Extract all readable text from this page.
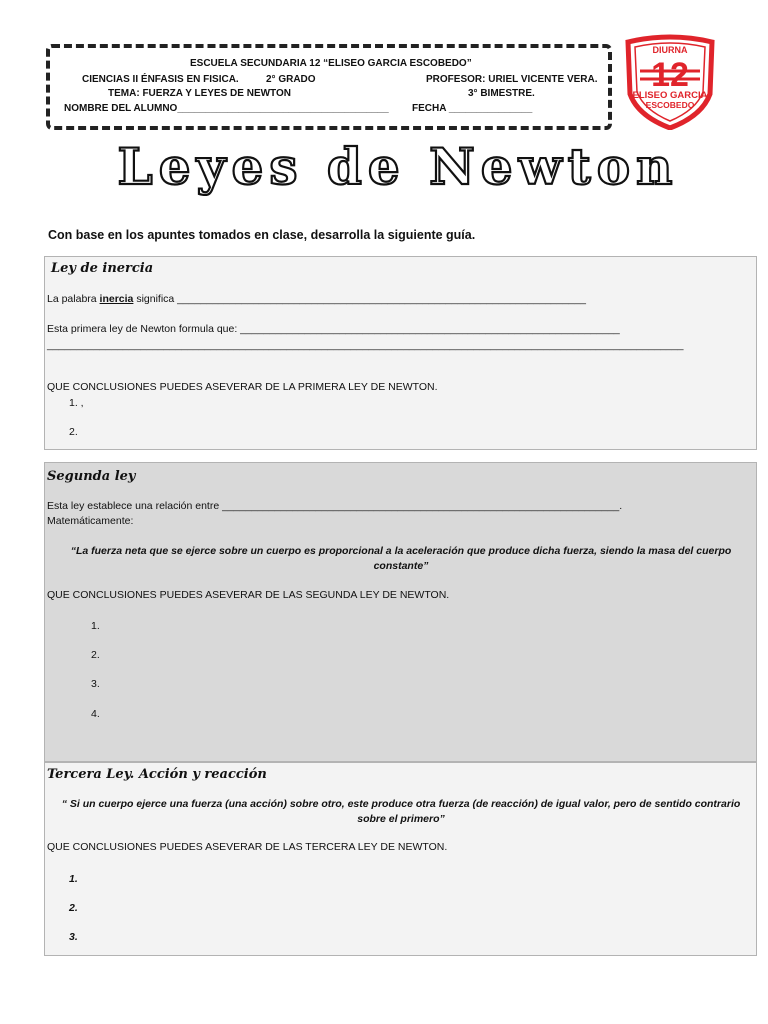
ESCUELA SECUNDARIA 12 “ELISEO GARCIA ESCOBEDO”
CIENCIAS II ÉNFASIS EN FISICA.	2° GRADO	PROFESOR: URIEL VICENTE VERA.
TEMA: FUERZA Y LEYES DE NEWTON	3° BIMESTRE.
NOMBRE DEL ALUMNO______________________________________ FECHA _______________
DIURNA
12
ELISEO GARCIA
ESCOBEDO
Leyes de Newton
Con base en los apuntes tomados en clase, desarrolla la siguiente guía.
Ley de inercia
La palabra inercia significa ______________________________________________________________________
Esta primera ley de Newton formula que: _________________________________________________________________
_____________________________________________________________________________________________________________
QUE CONCLUSIONES PUEDES ASEVERAR DE LA PRIMERA LEY DE NEWTON.
1. ,
2.
Segunda ley
Esta ley establece una relación entre ____________________________________________________________________.
Matemáticamente:
“La fuerza neta que se ejerce sobre un cuerpo es proporcional a la aceleración que produce dicha fuerza, siendo la masa del cuerpo constante”
QUE CONCLUSIONES PUEDES ASEVERAR DE LAS SEGUNDA LEY DE NEWTON.
1.
2.
3.
4.
Tercera Ley. Acción y reacción
“ Si un cuerpo ejerce una fuerza (una acción) sobre otro, este produce otra fuerza (de reacción) de igual valor, pero de sentido contrario sobre el primero”
QUE CONCLUSIONES PUEDES ASEVERAR DE LAS TERCERA LEY DE NEWTON.
1.
2.
3.
